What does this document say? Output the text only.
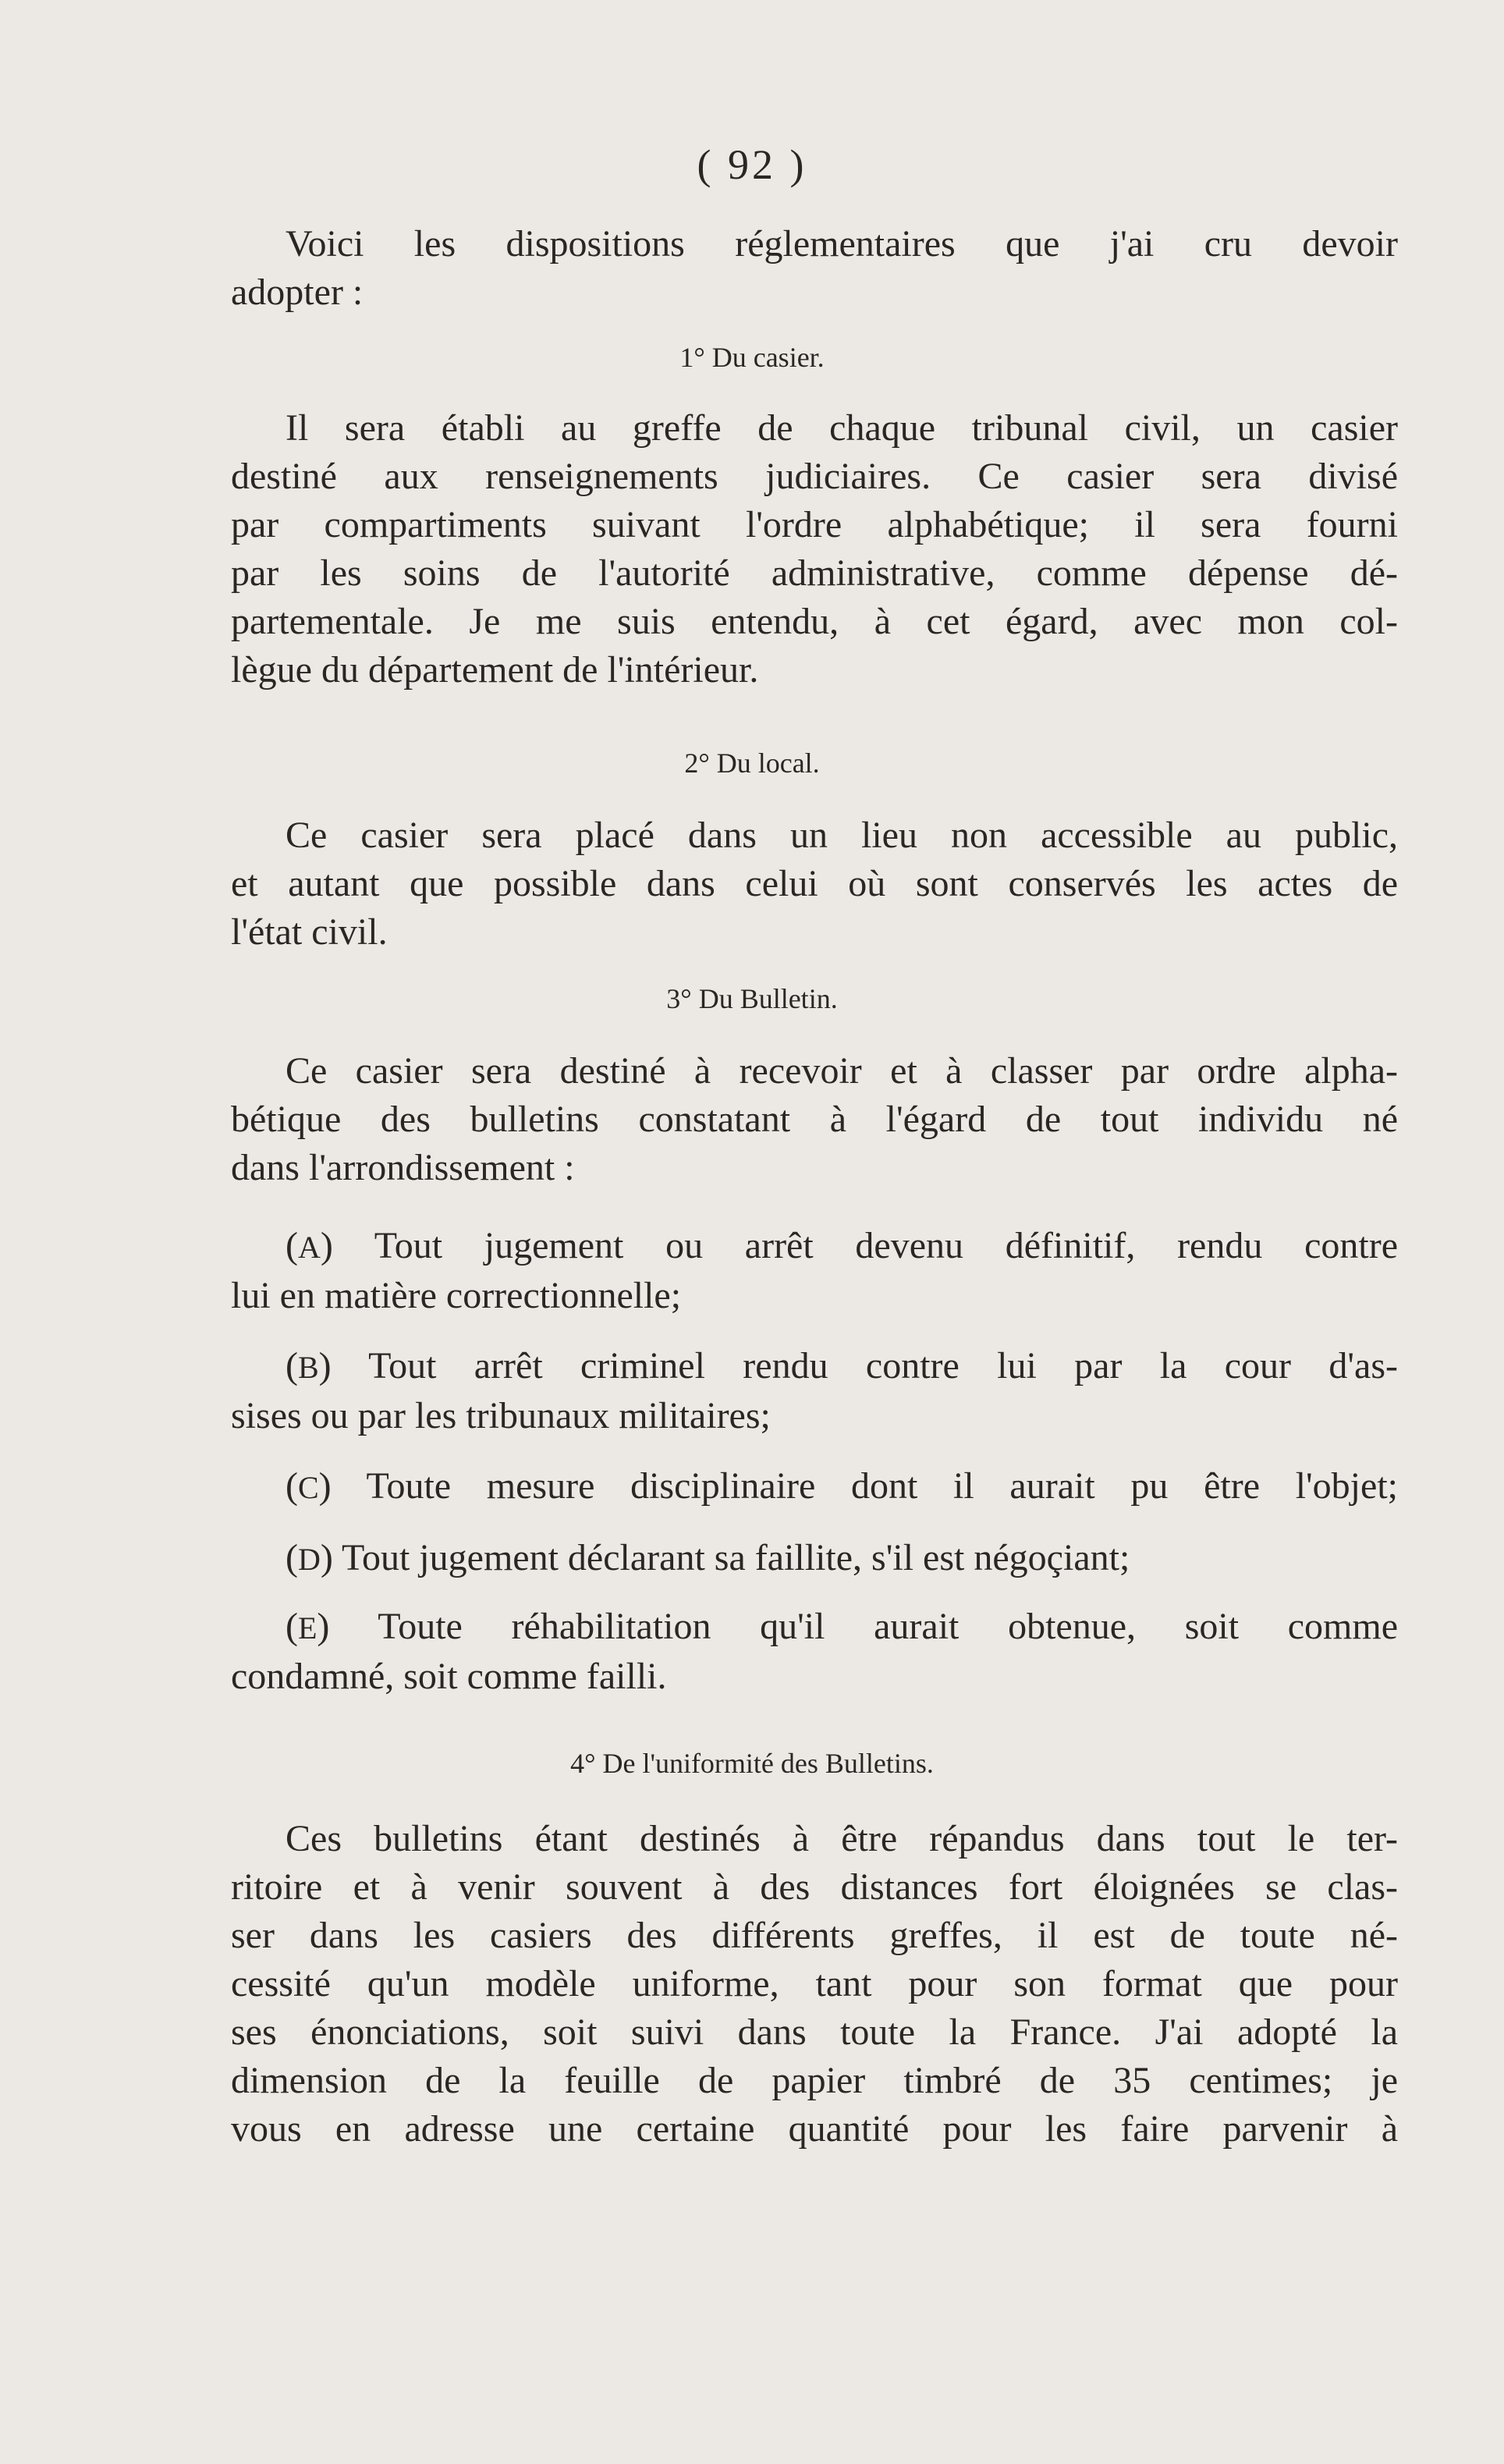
( 92 )
Voici les dispositions réglementaires que j'ai cru devoir
adopter :
1° Du casier.
Il sera établi au greffe de chaque tribunal civil, un casier
destiné aux renseignements judiciaires. Ce casier sera divisé
par compartiments suivant l'ordre alphabétique; il sera fourni
par les soins de l'autorité administrative, comme dépense dé-
partementale. Je me suis entendu, à cet égard, avec mon col-
lègue du département de l'intérieur.
2° Du local.
Ce casier sera placé dans un lieu non accessible au public,
et autant que possible dans celui où sont conservés les actes de
l'état civil.
3° Du Bulletin.
Ce casier sera destiné à recevoir et à classer par ordre alpha-
bétique des bulletins constatant à l'égard de tout individu né
dans l'arrondissement :
(A) Tout jugement ou arrêt devenu définitif, rendu contre
lui en matière correctionnelle;
(B) Tout arrêt criminel rendu contre lui par la cour d'as-
sises ou par les tribunaux militaires;
(C) Toute mesure disciplinaire dont il aurait pu être l'objet;
(D) Tout jugement déclarant sa faillite, s'il est négoçiant;
(E) Toute réhabilitation qu'il aurait obtenue, soit comme
condamné, soit comme failli.
4° De l'uniformité des Bulletins.
Ces bulletins étant destinés à être répandus dans tout le ter-
ritoire et à venir souvent à des distances fort éloignées se clas-
ser dans les casiers des différents greffes, il est de toute né-
cessité qu'un modèle uniforme, tant pour son format que pour
ses énonciations, soit suivi dans toute la France. J'ai adopté la
dimension de la feuille de papier timbré de 35 centimes; je
vous en adresse une certaine quantité pour les faire parvenir à
